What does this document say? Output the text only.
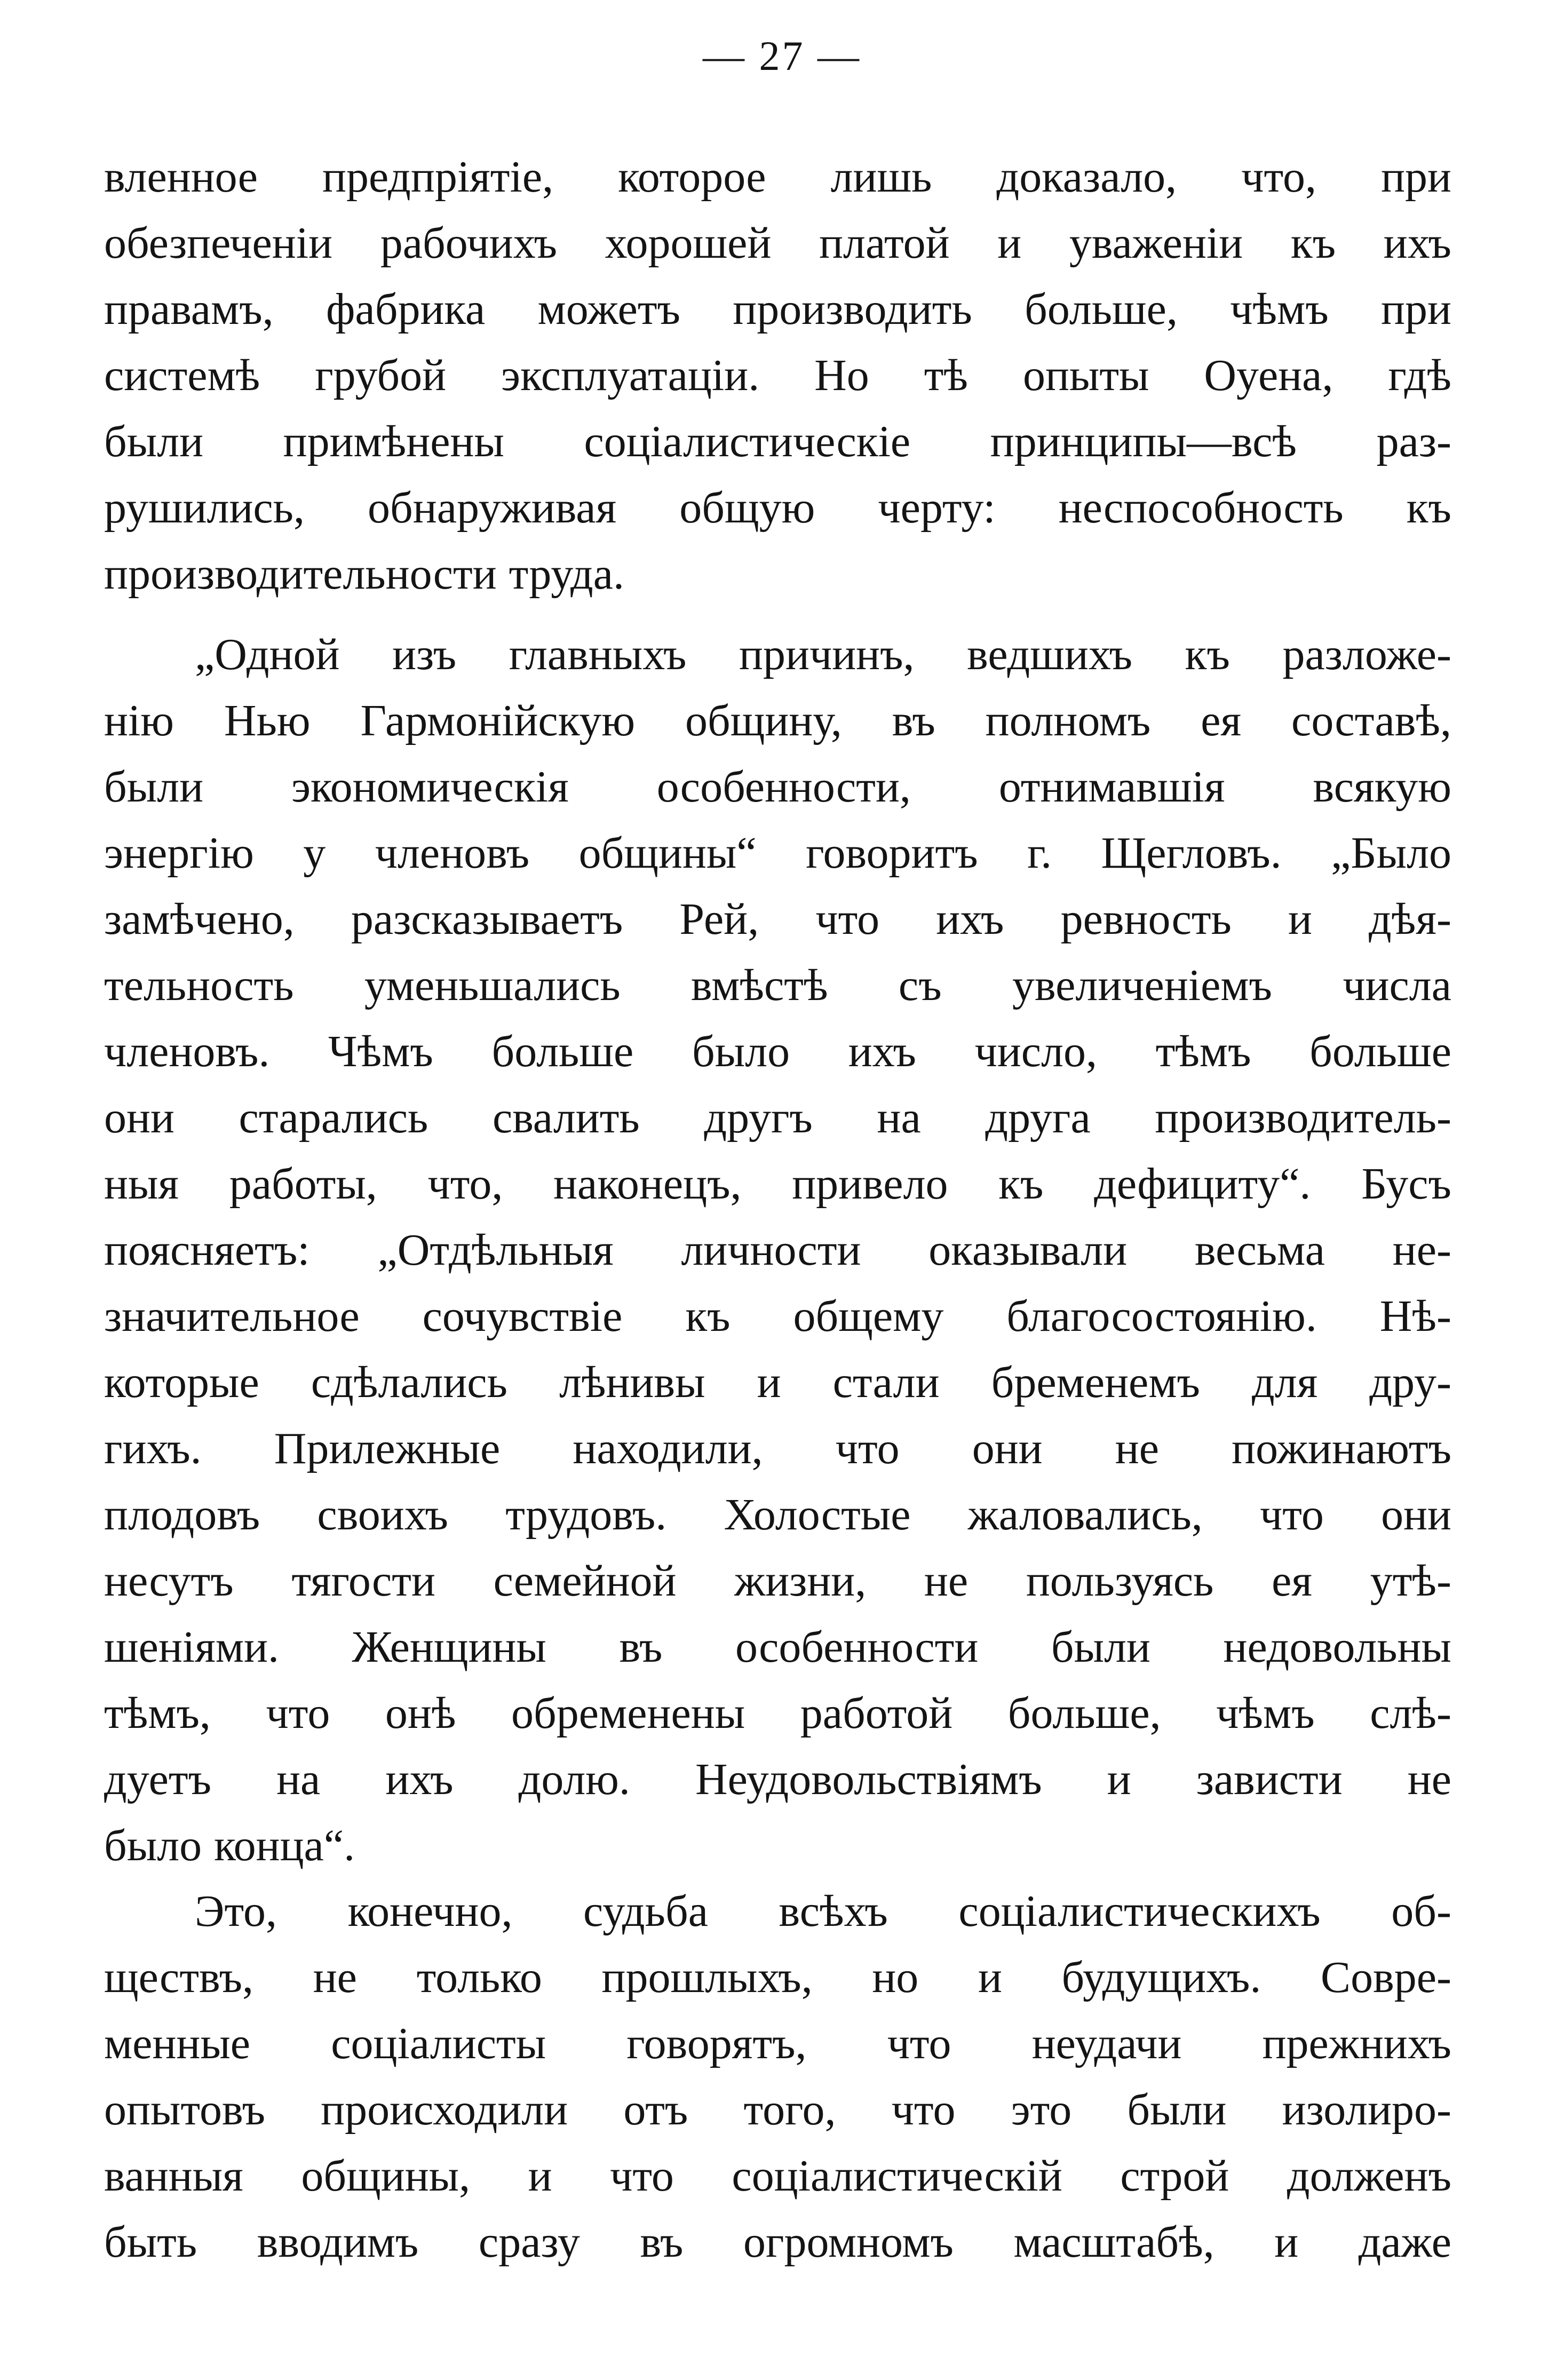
— 27 —
вленное предпріятіе, которое лишь доказало, что, при
обезпеченіи рабочихъ хорошей платой и уваженіи къ ихъ
правамъ, фабрика можетъ производить больше, чѣмъ при
системѣ грубой эксплуатаціи. Но тѣ опыты Оуена, гдѣ
были примѣнены соціалистическіе принципы—всѣ раз-
рушились, обнаруживая общую черту: неспособность къ
производительности труда.
„Одной изъ главныхъ причинъ, ведшихъ къ разложе-
нію Нью Гармонійскую общину, въ полномъ ея составѣ,
были экономическія особенности, отнимавшія всякую
энергію у членовъ общины“ говоритъ г. Щегловъ. „Было
замѣчено, разсказываетъ Рей, что ихъ ревность и дѣя-
тельность уменьшались вмѣстѣ съ увеличеніемъ числа
членовъ. Чѣмъ больше было ихъ число, тѣмъ больше
они старались свалить другъ на друга производитель-
ныя работы, что, наконецъ, привело къ дефициту“. Бусъ
поясняетъ: „Отдѣльныя личности оказывали весьма не-
значительное сочувствіе къ общему благосостоянію. Нѣ-
которые сдѣлались лѣнивы и стали бременемъ для дру-
гихъ. Прилежные находили, что они не пожинаютъ
плодовъ своихъ трудовъ. Холостые жаловались, что они
несутъ тягости семейной жизни, не пользуясь ея утѣ-
шеніями. Женщины въ особенности были недовольны
тѣмъ, что онѣ обременены работой больше, чѣмъ слѣ-
дуетъ на ихъ долю. Неудовольствіямъ и зависти не
было конца“.
Это, конечно, судьба всѣхъ соціалистическихъ об-
ществъ, не только прошлыхъ, но и будущихъ. Совре-
менные соціалисты говорятъ, что неудачи прежнихъ
опытовъ происходили отъ того, что это были изолиро-
ванныя общины, и что соціалистическій строй долженъ
быть вводимъ сразу въ огромномъ масштабѣ, и даже
